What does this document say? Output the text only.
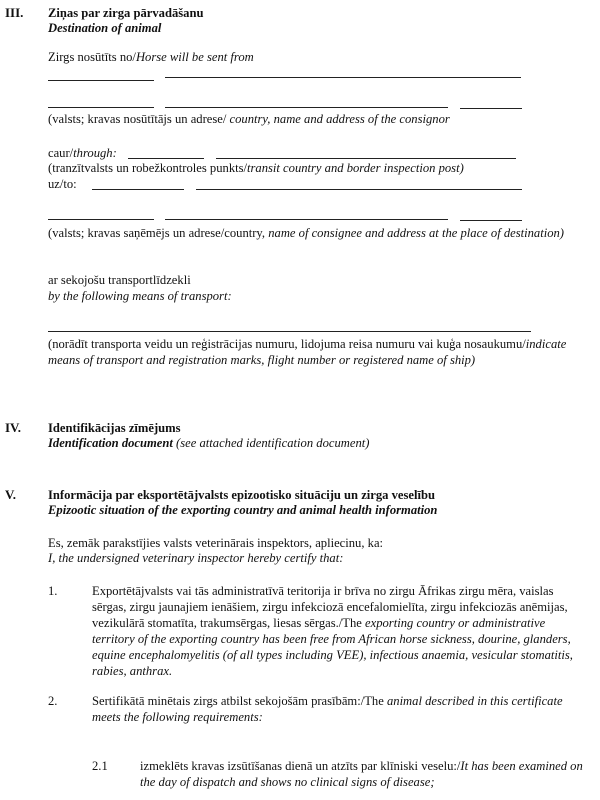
III. Ziņas par zirga pārvadāšanu
Destination of animal
Zirgs nosūtīts no/Horse will be sent from
(valsts; kravas nosūtītājs un adrese/ country, name and address of the consignor
caur/through:
(tranzītvalsts un robežkontroles punkts/transit country and border inspection post)
uz/to:
(valsts; kravas saņēmējs un adrese/country, name of consignee and address at the place of destination)
ar sekojošu transportlīdzekli
by the following means of transport:
(norādīt transporta veidu un reģistrācijas numuru, lidojuma reisa numuru vai kuģa nosaukumu/indicate means of transport and registration marks, flight number or registered name of ship)
IV. Identifikācijas zīmējums
Identification document (see attached identification document)
V.	Informācija par eksportētājvalsts epizootisko situāciju un zirga veselību
Epizootic situation of the exporting country and animal health information
Es, zemāk parakstījies valsts veterinārais inspektors, apliecinu, ka:
I, the undersigned veterinary inspector hereby certify that:
1.	Exportētājvalsts vai tās administratīvā teritorija ir brīva no zirgu Āfrikas zirgu mēra, vaislas sērgas, zirgu jaunajiem ienāšiem, zirgu infekciozā encefalomielīta, zirgu infekciozās anēmijas, vezikulārā stomatīta, trakumsērgas, liesas sērgas./The exporting country or administrative territory of the exporting country has been free from African horse sickness, dourine, glanders, equine encephalomyelitis (of all types including VEE), infectious anaemia, vesicular stomatitis, rabies, anthrax.
2.	Sertifikātā minētais zirgs atbilst sekojošām prasībām:/The animal described in this certificate meets the following requirements:
2.1	izmeklēts kravas izsūtīšanas dienā un atzīts par klīniski veselu:/It has been examined on the day of dispatch and shows no clinical signs of disease;
